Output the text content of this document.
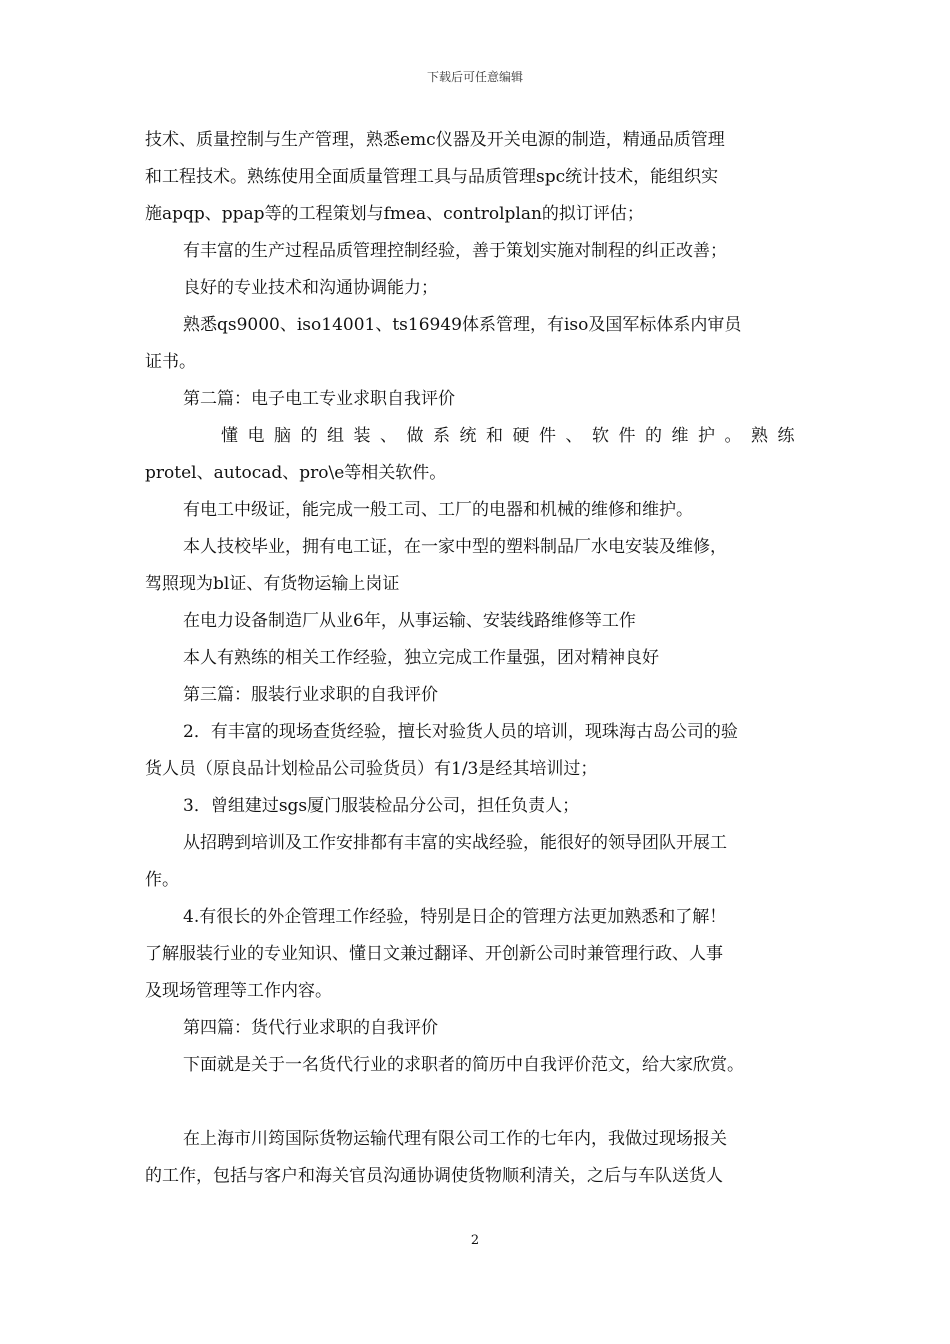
下载后可任意编辑
技术、质量控制与生产管理，熟悉emc仪器及开关电源的制造，精通品质管理
和工程技术。熟练使用全面质量管理工具与品质管理spc统计技术，能组织实
施apqp、ppap等的工程策划与fmea、controlplan的拟订评估；
有丰富的生产过程品质管理控制经验，善于策划实施对制程的纠正改善；
良好的专业技术和沟通协调能力；
熟悉qs9000、iso14001、ts16949体系管理，有iso及国军标体系内审员
证书。
第二篇：电子电工专业求职自我评价
懂电脑的组装、做系统和硬件、软件的维护。熟练
protel、autocad、pro\e等相关软件。
有电工中级证，能完成一般工司、工厂的电器和机械的维修和维护。
本人技校毕业，拥有电工证，在一家中型的塑料制品厂水电安装及维修，
驾照现为bl证、有货物运输上岗证
在电力设备制造厂从业6年，从事运输、安装线路维修等工作
本人有熟练的相关工作经验，独立完成工作量强，团对精神良好
第三篇：服装行业求职的自我评价
2．有丰富的现场查货经验，擅长对验货人员的培训，现珠海古岛公司的验
货人员（原良品计划检品公司验货员）有1/3是经其培训过；
3．曾组建过sgs厦门服装检品分公司，担任负责人；
从招聘到培训及工作安排都有丰富的实战经验，能很好的领导团队开展工
作。
4.有很长的外企管理工作经验，特别是日企的管理方法更加熟悉和了解！
了解服装行业的专业知识、懂日文兼过翻译、开创新公司时兼管理行政、人事
及现场管理等工作内容。
第四篇：货代行业求职的自我评价
下面就是关于一名货代行业的求职者的简历中自我评价范文，给大家欣赏。
在上海市川筠国际货物运输代理有限公司工作的七年内，我做过现场报关
的工作，包括与客户和海关官员沟通协调使货物顺利清关，之后与车队送货人
2
